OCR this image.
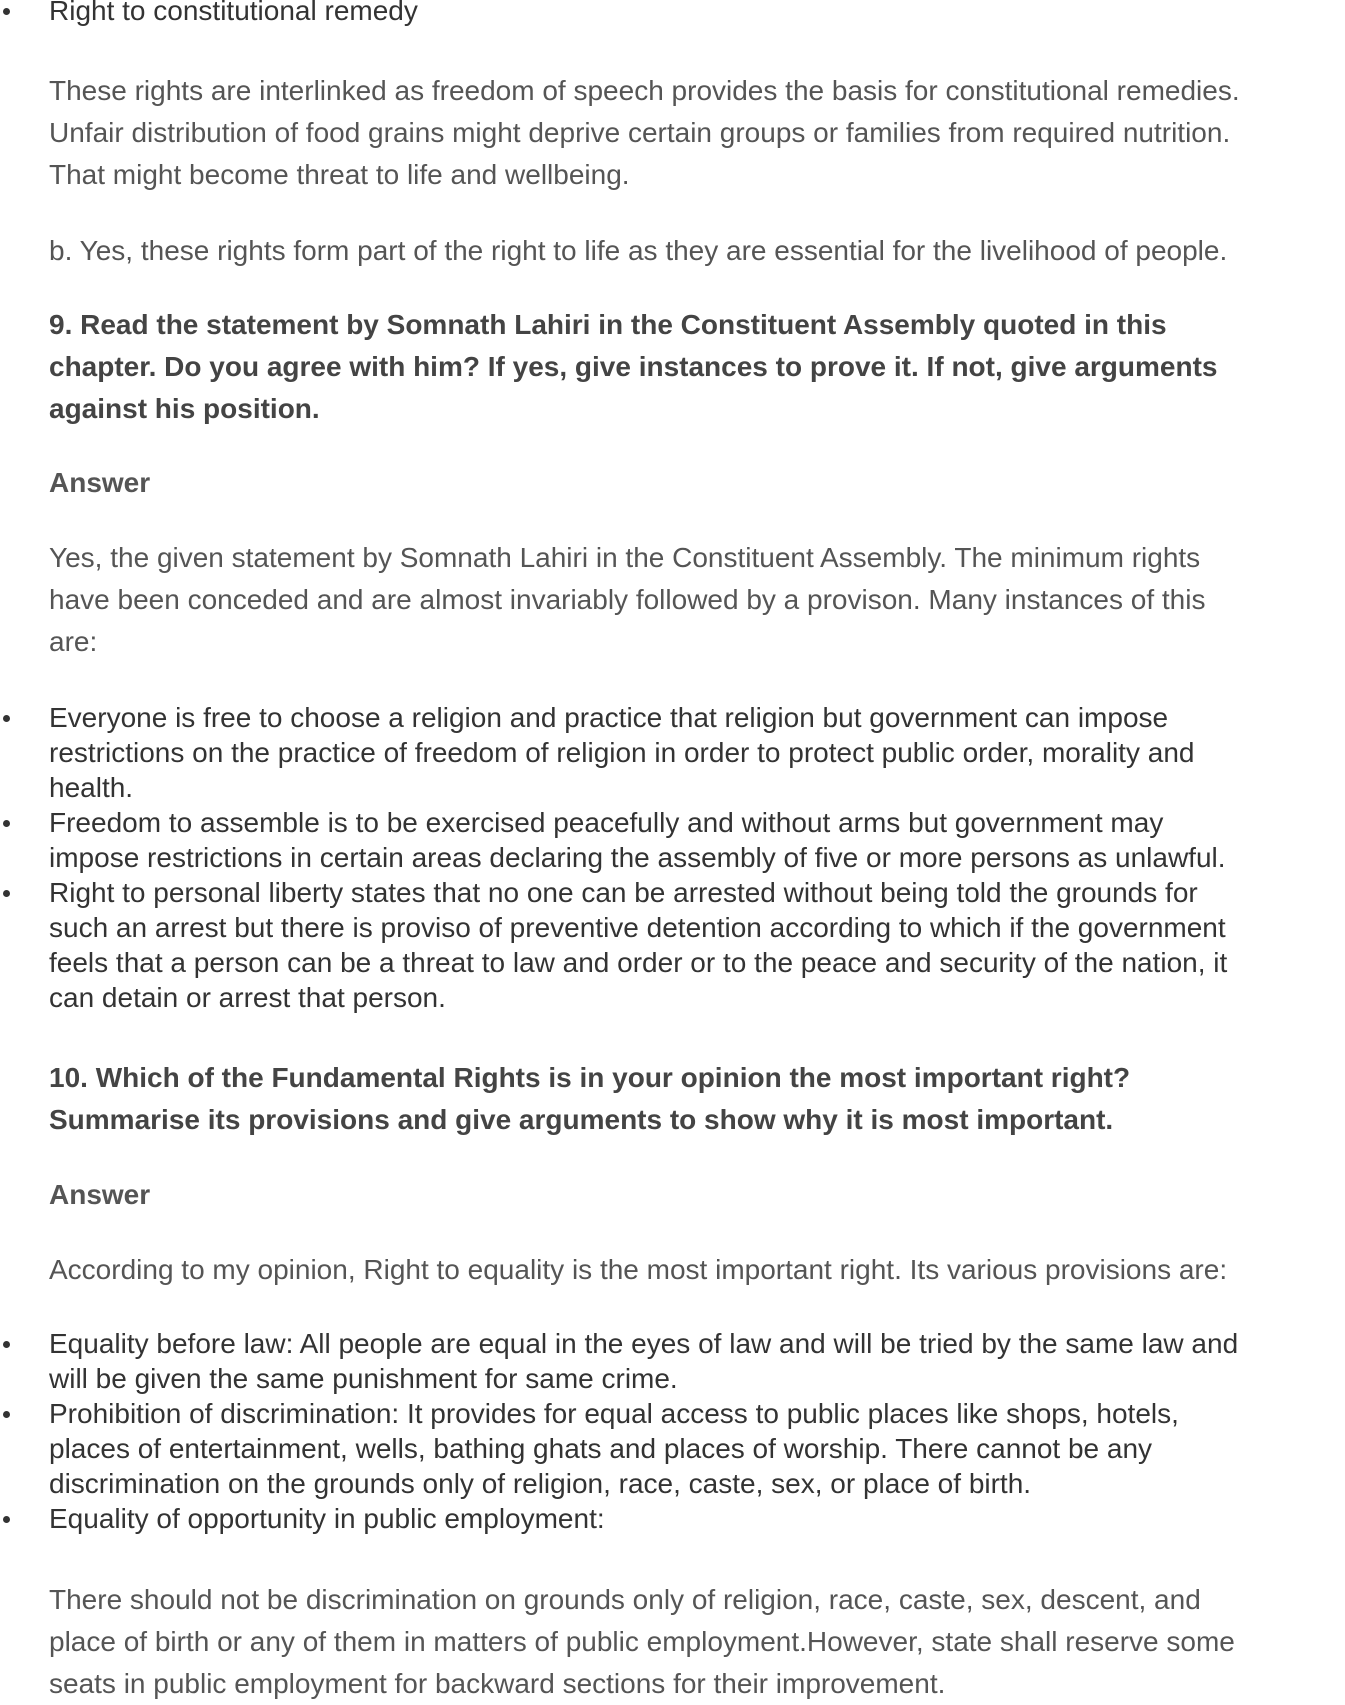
Right to constitutional remedy
These rights are interlinked as freedom of speech provides the basis for constitutional remedies.
Unfair distribution of food grains might deprive certain groups or families from required nutrition.
That might become threat to life and wellbeing.
b. Yes, these rights form part of the right to life as they are essential for the livelihood of people.
9. Read the statement by Somnath Lahiri in the Constituent Assembly quoted in this
chapter. Do you agree with him? If yes, give instances to prove it. If not, give arguments
against his position.
Answer
Yes, the given statement by Somnath Lahiri in the Constituent Assembly. The minimum rights
have been conceded and are almost invariably followed by a provison. Many instances of this
are:
Everyone is free to choose a religion and practice that religion but government can impose
restrictions on the practice of freedom of religion in order to protect public order, morality and
health.
Freedom to assemble is to be exercised peacefully and without arms but government may
impose restrictions in certain areas declaring the assembly of five or more persons as unlawful.
Right to personal liberty states that no one can be arrested without being told the grounds for
such an arrest but there is proviso of preventive detention according to which if the government
feels that a person can be a threat to law and order or to the peace and security of the nation, it
can detain or arrest that person.
10. Which of the Fundamental Rights is in your opinion the most important right?
Summarise its provisions and give arguments to show why it is most important.
Answer
According to my opinion, Right to equality is the most important right. Its various provisions are:
Equality before law: All people are equal in the eyes of law and will be tried by the same law and
will be given the same punishment for same crime.
Prohibition of discrimination: It provides for equal access to public places like shops, hotels,
places of entertainment, wells, bathing ghats and places of worship. There cannot be any
discrimination on the grounds only of religion, race, caste, sex, or place of birth.
Equality of opportunity in public employment:
There should not be discrimination on grounds only of religion, race, caste, sex, descent, and
place of birth or any of them in matters of public employment.However, state shall reserve some
seats in public employment for backward sections for their improvement.
